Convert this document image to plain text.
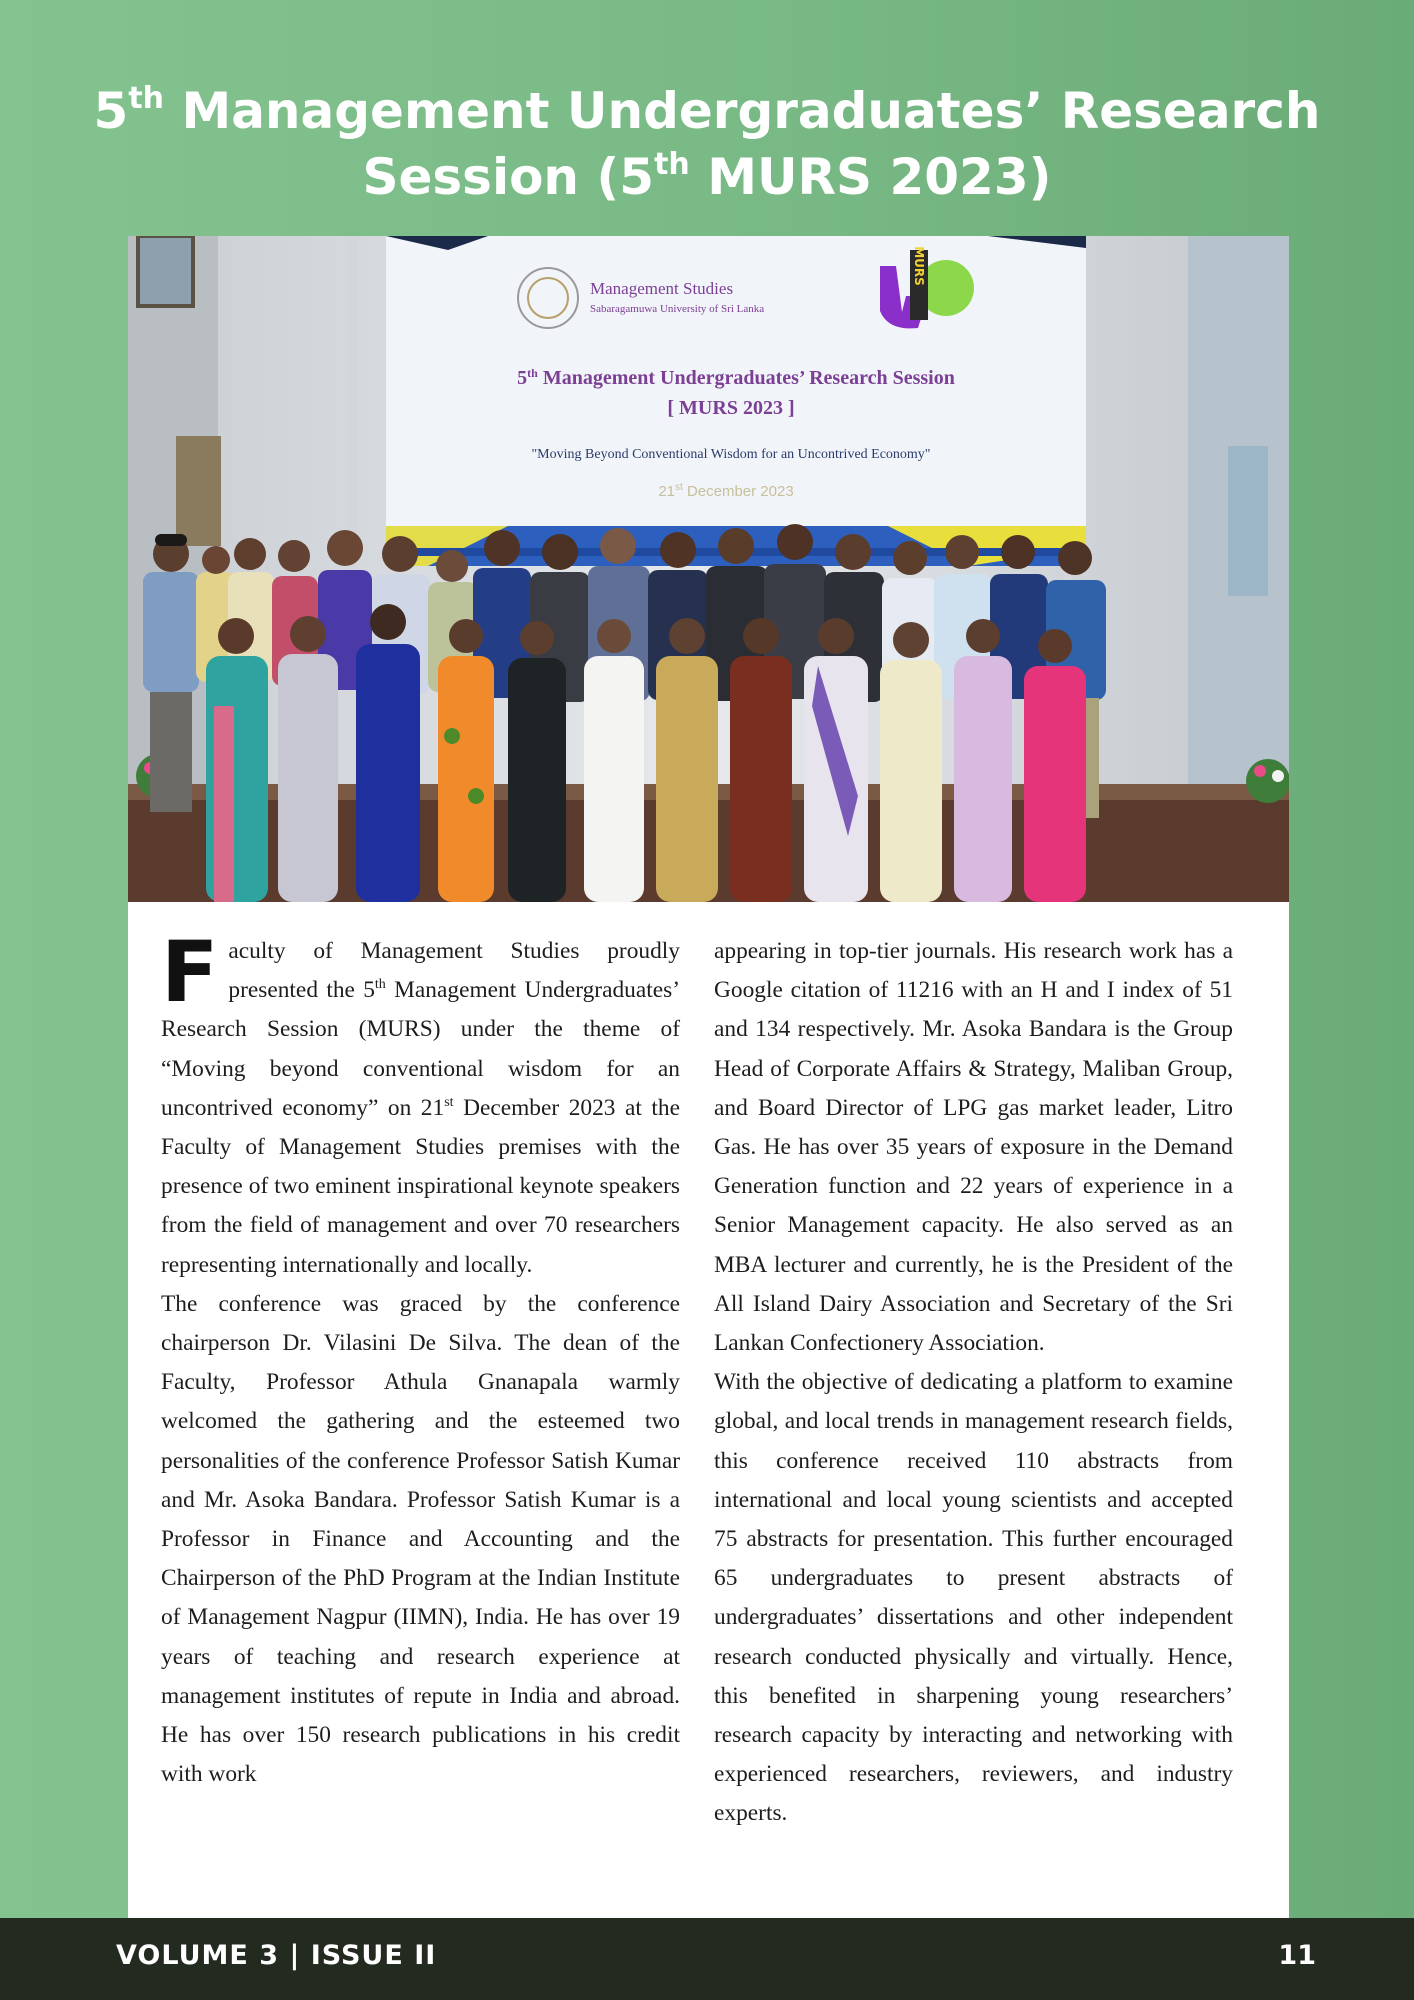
5th Management Undergraduates’ Research
Session (5th MURS 2023)
Management Studies
Sabaragamuwa University of Sri Lanka
MURS
5th Management Undergraduates’ Research Session
[ MURS 2023 ]
"Moving Beyond Conventional Wisdom for an Uncontrived Economy"
21st December 2023

Faculty of Management Studies proudly presented the 5th Management Undergraduates’ Research Session (MURS) under the theme of “Moving beyond conventional wisdom for an uncontrived economy” on 21st December 2023 at the Faculty of Management Studies premises with the presence of two eminent inspirational keynote speakers from the field of management and over 70 researchers representing internationally and locally.

The conference was graced by the conference chairperson Dr. Vilasini De Silva. The dean of the Faculty, Professor Athula Gnanapala warmly welcomed the gathering and the esteemed two personalities of the conference Professor Satish Kumar and Mr. Asoka Bandara. Professor Satish Kumar is a Professor in Finance and Accounting and the Chairperson of the PhD Program at the Indian Institute of Management Nagpur (IIMN), India. He has over 19 years of teaching and research experience at management institutes of repute in India and abroad. He has over 150 research publications in his credit with work

appearing in top-tier journals. His research work has a Google citation of 11216 with an H and I index of 51 and 134 respectively. Mr. Asoka Bandara is the Group Head of Corporate Affairs & Strategy, Maliban Group, and Board Director of LPG gas market leader, Litro Gas. He has over 35 years of exposure in the Demand Generation function and 22 years of experience in a Senior Management capacity. He also served as an MBA lecturer and currently, he is the President of the All Island Dairy Association and Secretary of the Sri Lankan Confectionery Association.

With the objective of dedicating a platform to examine global, and local trends in management research fields, this conference received 110 abstracts from international and local young scientists and accepted 75 abstracts for presentation. This further encouraged 65 undergraduates to present abstracts of undergraduates’ dissertations and other independent research conducted physically and virtually. Hence, this benefited in sharpening young researchers’ research capacity by interacting and networking with experienced researchers, reviewers, and industry experts.

VOLUME 3 | ISSUE II	11
